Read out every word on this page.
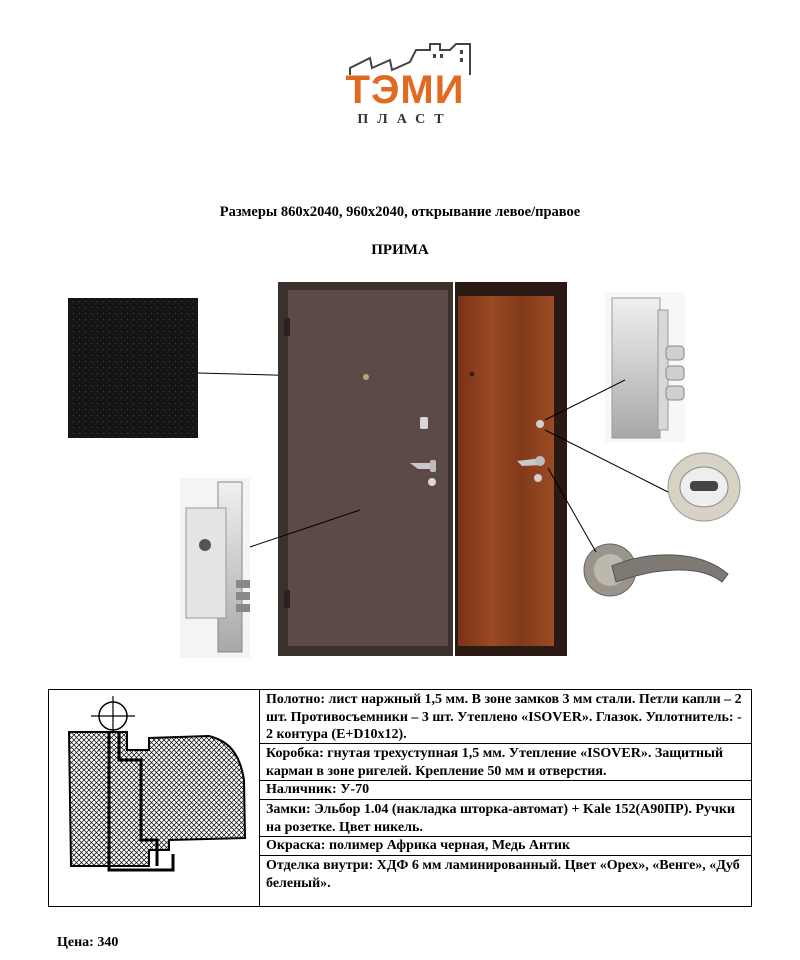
ТЭМИ
ПЛАСТ
Размеры 860х2040, 960х2040, открывание левое/правое
ПРИМА
Полотно: лист наржный 1,5 мм. В зоне замков 3 мм стали. Петли капли – 2 шт. Противосъемники – 3 шт. Утеплено «ISOVER». Глазок. Уплотнитель: - 2 контура (Е+D10х12).
Коробка: гнутая трехуступная 1,5 мм. Утепление «ISOVER». Защитный карман в зоне ригелей. Крепление 50 мм и отверстия.
Наличник: У-70
Замки: Эльбор 1.04 (накладка шторка-автомат) + Kale 152(А90ПР). Ручки на розетке. Цвет никель.
Окраска: полимер Африка черная, Медь Антик
Отделка внутри: ХДФ 6 мм ламинированный. Цвет «Орех», «Венге», «Дуб беленый».
Цена: 340
